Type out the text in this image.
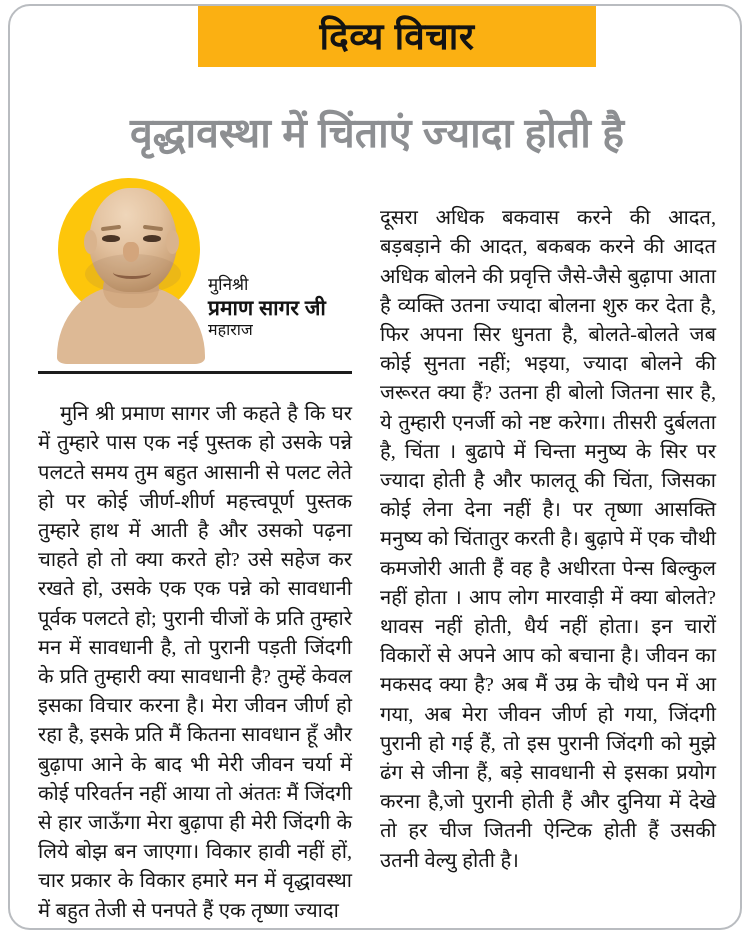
दिव्य विचार
वृद्धावस्था में चिंताएं ज्यादा होती है
मुनिश्री
प्रमाण सागर जी
महाराज

मुनि श्री प्रमाण सागर जी कहते है कि घर में तुम्हारे पास एक नई पुस्तक हो उसके पन्ने पलटते समय तुम बहुत आसानी से पलट लेते हो पर कोई जीर्ण-शीर्ण महत्त्वपूर्ण पुस्तक तुम्हारे हाथ में आती है और उसको पढ़ना चाहते हो तो क्या करते हो? उसे सहेज कर रखते हो, उसके एक एक पन्ने को सावधानी पूर्वक पलटते हो; पुरानी चीजों के प्रति तुम्हारे मन में सावधानी है, तो पुरानी पड़ती जिंदगी के प्रति तुम्हारी क्या सावधानी है? तुम्हें केवल इसका विचार करना है। मेरा जीवन जीर्ण हो रहा है, इसके प्रति मैं कितना सावधान हूँ और बुढ़ापा आने के बाद भी मेरी जीवन चर्या में कोई परिवर्तन नहीं आया तो अंततः मैं जिंदगी से हार जाऊँगा मेरा बुढ़ापा ही मेरी जिंदगी के लिये बोझ बन जाएगा। विकार हावी नहीं हों, चार प्रकार के विकार हमारे मन में वृद्धावस्था में बहुत तेजी से पनपते हैं एक तृष्णा ज्यादा

दूसरा अधिक बकवास करने की आदत, बड़बड़ाने की आदत, बकबक करने की आदत अधिक बोलने की प्रवृत्ति जैसे-जैसे बुढ़ापा आता है व्यक्ति उतना ज्यादा बोलना शुरु कर देता है, फिर अपना सिर धुनता है, बोलते-बोलते जब कोई सुनता नहीं; भइया, ज्यादा बोलने की जरूरत क्या हैं? उतना ही बोलो जितना सार है, ये तुम्हारी एनर्जी को नष्ट करेगा। तीसरी दुर्बलता है, चिंता । बुढापे में चिन्ता मनुष्य के सिर पर ज्यादा होती है और फालतू की चिंता, जिसका कोई लेना देना नहीं है। पर तृष्णा आसक्ति मनुष्य को चिंतातुर करती है। बुढ़ापे में एक चौथी कमजोरी आती हैं वह है अधीरता पेन्स बिल्कुल नहीं होता । आप लोग मारवाड़ी में क्या बोलते? थावस नहीं होती, धैर्य नहीं होता। इन चारों विकारों से अपने आप को बचाना है। जीवन का मकसद क्या है? अब मैं उम्र के चौथे पन में आ गया, अब मेरा जीवन जीर्ण हो गया, जिंदगी पुरानी हो गई हैं, तो इस पुरानी जिंदगी को मुझे ढंग से जीना हैं, बड़े सावधानी से इसका प्रयोग करना है,जो पुरानी होती हैं और दुनिया में देखे तो हर चीज जितनी ऐन्टिक होती हैं उसकी उतनी वेल्यु होती है।
